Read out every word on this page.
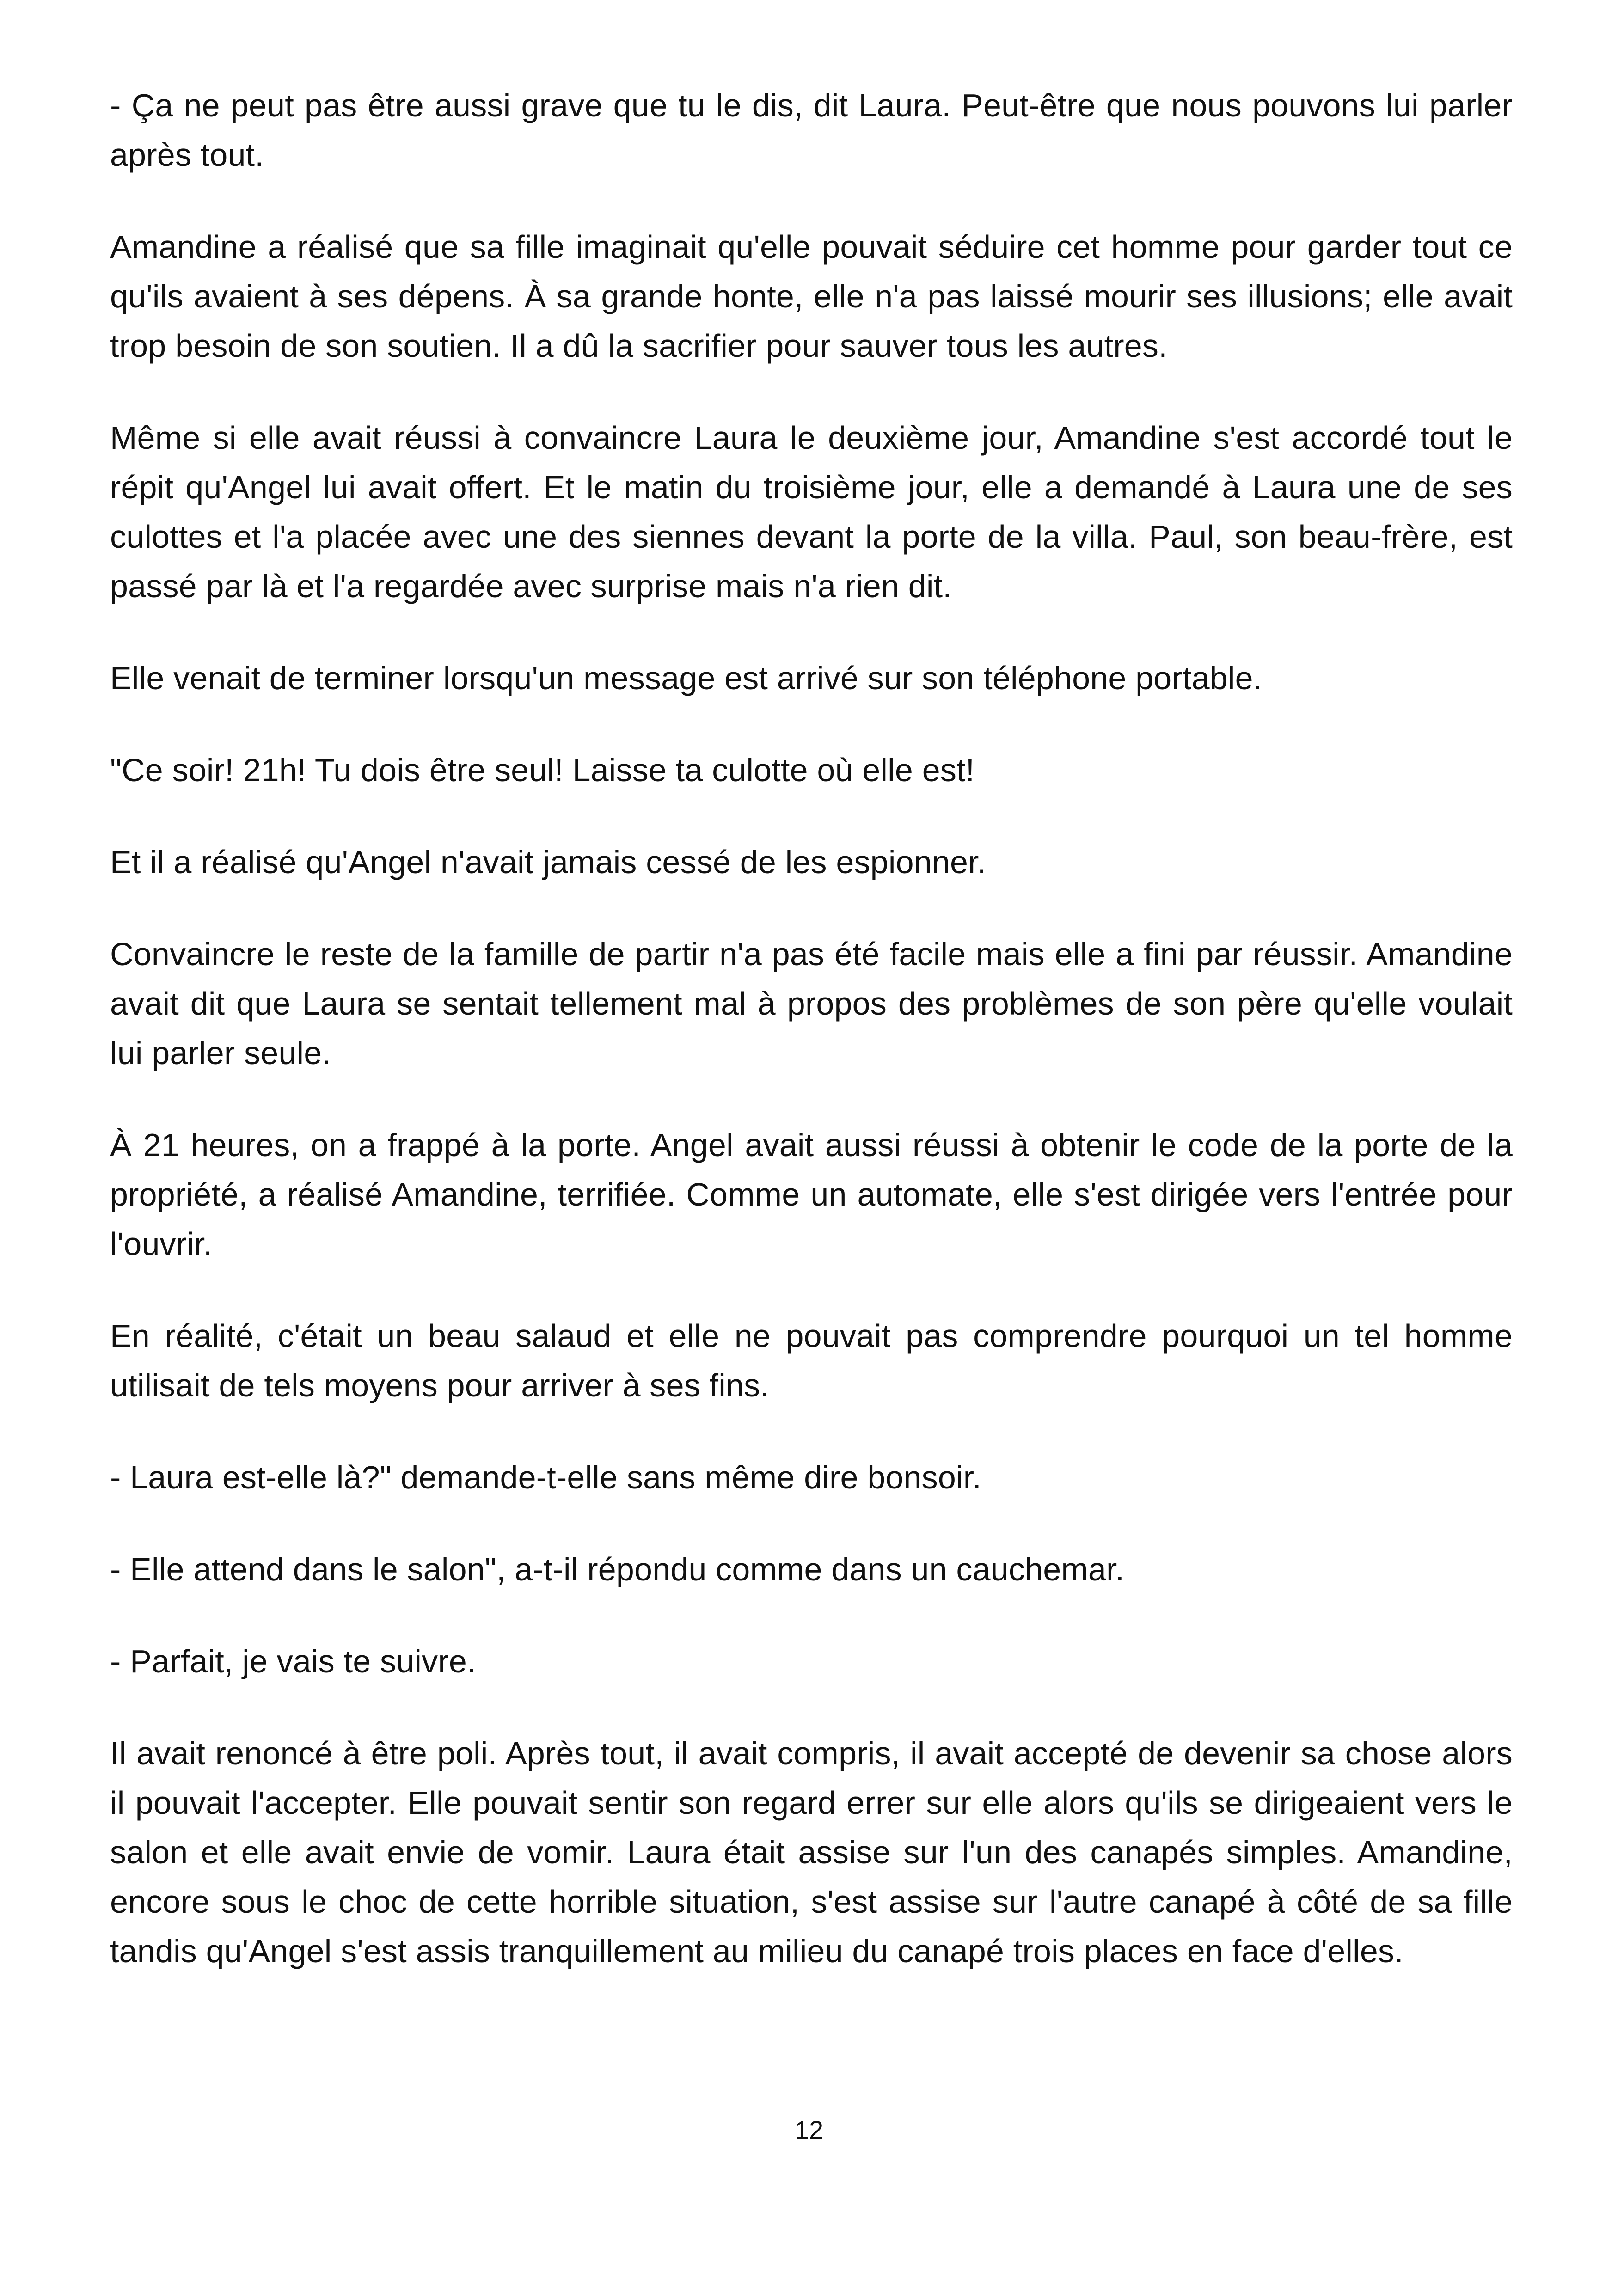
- Ça ne peut pas être aussi grave que tu le dis, dit Laura. Peut-être que nous pouvons lui parler après tout.

Amandine a réalisé que sa fille imaginait qu'elle pouvait séduire cet homme pour garder tout ce qu'ils avaient à ses dépens. À sa grande honte, elle n'a pas laissé mourir ses illusions; elle avait trop besoin de son soutien. Il a dû la sacrifier pour sauver tous les autres.

Même si elle avait réussi à convaincre Laura le deuxième jour, Amandine s'est accordé tout le répit qu'Angel lui avait offert. Et le matin du troisième jour, elle a demandé à Laura une de ses culottes et l'a placée avec une des siennes devant la porte de la villa. Paul, son beau-frère, est passé par là et l'a regardée avec surprise mais n'a rien dit.

Elle venait de terminer lorsqu'un message est arrivé sur son téléphone portable.

"Ce soir! 21h! Tu dois être seul! Laisse ta culotte où elle est!

Et il a réalisé qu'Angel n'avait jamais cessé de les espionner.

Convaincre le reste de la famille de partir n'a pas été facile mais elle a fini par réussir. Amandine avait dit que Laura se sentait tellement mal à propos des problèmes de son père qu'elle voulait lui parler seule.

À 21 heures, on a frappé à la porte. Angel avait aussi réussi à obtenir le code de la porte de la propriété, a réalisé Amandine, terrifiée. Comme un automate, elle s'est dirigée vers l'entrée pour l'ouvrir.

En réalité, c'était un beau salaud et elle ne pouvait pas comprendre pourquoi un tel homme utilisait de tels moyens pour arriver à ses fins.

- Laura est-elle là?" demande-t-elle sans même dire bonsoir.

- Elle attend dans le salon", a-t-il répondu comme dans un cauchemar.

- Parfait, je vais te suivre.

Il avait renoncé à être poli. Après tout, il avait compris, il avait accepté de devenir sa chose alors il pouvait l'accepter. Elle pouvait sentir son regard errer sur elle alors qu'ils se dirigeaient vers le salon et elle avait envie de vomir. Laura était assise sur l'un des canapés simples. Amandine, encore sous le choc de cette horrible situation, s'est assise sur l'autre canapé à côté de sa fille tandis qu'Angel s'est assis tranquillement au milieu du canapé trois places en face d'elles.

12
